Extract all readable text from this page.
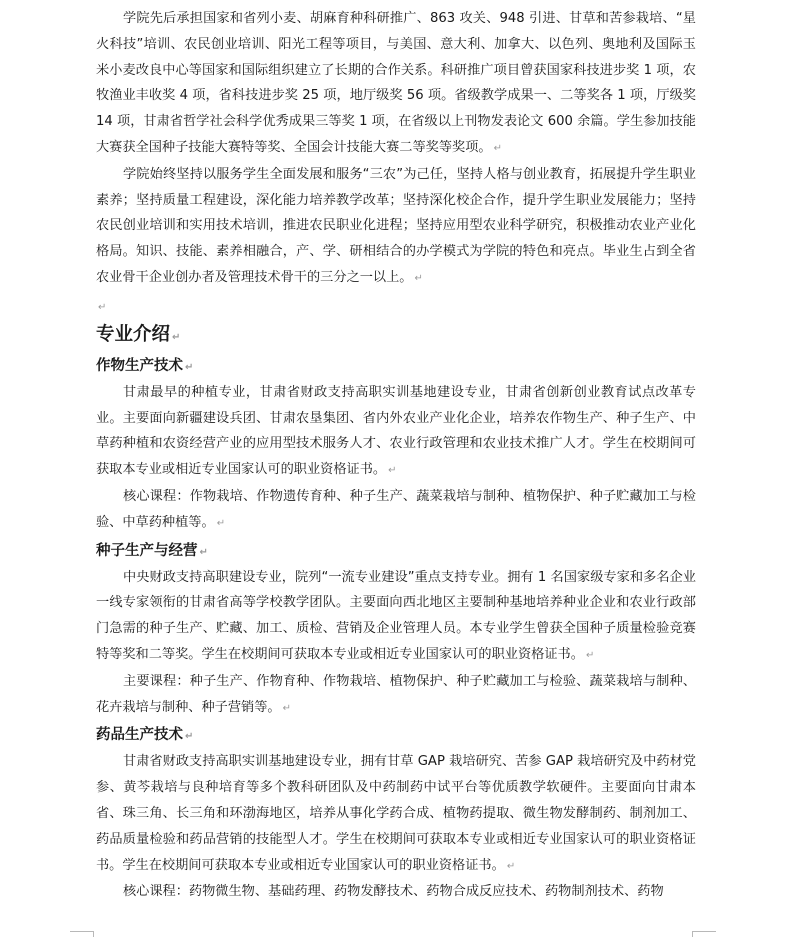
学院先后承担国家和省列小麦、胡麻育种科研推广、863 攻关、948 引进、甘草和苦参栽培、“星火科技”培训、农民创业培训、阳光工程等项目，与美国、意大利、加拿大、以色列、奥地利及国际玉米小麦改良中心等国家和国际组织建立了长期的合作关系。科研推广项目曾获国家科技进步奖 1 项，农牧渔业丰收奖 4 项，省科技进步奖 25 项，地厅级奖 56 项。省级教学成果一、二等奖各 1 项，厅级奖 14 项，甘肃省哲学社会科学优秀成果三等奖 1 项，在省级以上刊物发表论文 600 余篇。学生参加技能大赛获全国种子技能大赛特等奖、全国会计技能大赛二等奖等奖项。 ↵

学院始终坚持以服务学生全面发展和服务“三农”为己任，坚持人格与创业教育，拓展提升学生职业素养；坚持质量工程建设，深化能力培养教学改革；坚持深化校企合作，提升学生职业发展能力；坚持农民创业培训和实用技术培训，推进农民职业化进程；坚持应用型农业科学研究，积极推动农业产业化格局。知识、技能、素养相融合，产、学、研相结合的办学模式为学院的特色和亮点。毕业生占到全省农业骨干企业创办者及管理技术骨干的三分之一以上。 ↵

↵
专业介绍 ↵
作物生产技术 ↵

甘肃最早的种植专业，甘肃省财政支持高职实训基地建设专业，甘肃省创新创业教育试点改革专业。主要面向新疆建设兵团、甘肃农垦集团、省内外农业产业化企业，培养农作物生产、种子生产、中草药种植和农资经营产业的应用型技术服务人才、农业行政管理和农业技术推广人才。学生在校期间可获取本专业或相近专业国家认可的职业资格证书。 ↵

核心课程：作物栽培、作物遗传育种、种子生产、蔬菜栽培与制种、植物保护、种子贮藏加工与检验、中草药种植等。 ↵

种子生产与经营 ↵

中央财政支持高职建设专业，院列“一流专业建设”重点支持专业。拥有 1 名国家级专家和多名企业一线专家领衔的甘肃省高等学校教学团队。主要面向西北地区主要制种基地培养种业企业和农业行政部门急需的种子生产、贮藏、加工、质检、营销及企业管理人员。本专业学生曾获全国种子质量检验竞赛特等奖和二等奖。学生在校期间可获取本专业或相近专业国家认可的职业资格证书。 ↵

主要课程：种子生产、作物育种、作物栽培、植物保护、种子贮藏加工与检验、蔬菜栽培与制种、花卉栽培与制种、种子营销等。 ↵

药品生产技术 ↵

甘肃省财政支持高职实训基地建设专业，拥有甘草 GAP 栽培研究、苦参 GAP 栽培研究及中药材党参、黄芩栽培与良种培育等多个教科研团队及中药制药中试平台等优质教学软硬件。主要面向甘肃本省、珠三角、长三角和环渤海地区，培养从事化学药合成、植物药提取、微生物发酵制药、制剂加工、药品质量检验和药品营销的技能型人才。学生在校期间可获取本专业或相近专业国家认可的职业资格证书。学生在校期间可获取本专业或相近专业国家认可的职业资格证书。 ↵

核心课程：药物微生物、基础药理、药物发酵技术、药物合成反应技术、药物制剂技术、药物
